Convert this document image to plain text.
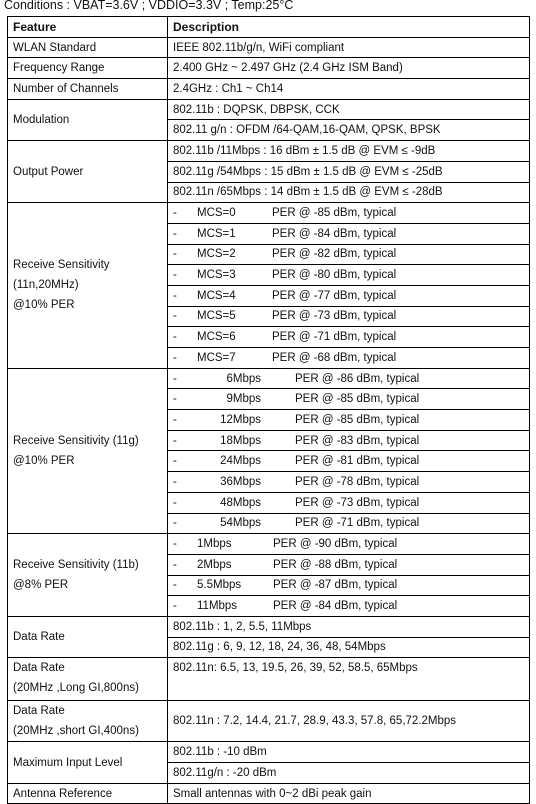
Conditions : VBAT=3.6V ; VDDIO=3.3V ; Temp:25°C
Feature	Description
WLAN Standard	IEEE 802.11b/g/n, WiFi compliant
Frequency Range	2.400 GHz ~ 2.497 GHz (2.4 GHz ISM Band)
Number of Channels	2.4GHz : Ch1 ~ Ch14
Modulation	802.11b : DQPSK, DBPSK, CCK
	802.11 g/n : OFDM /64-QAM,16-QAM, QPSK, BPSK
Output Power	802.11b /11Mbps : 16 dBm ± 1.5 dB @ EVM ≤ -9dB
	802.11g /54Mbps : 15 dBm ± 1.5 dB @ EVM ≤ -25dB
	802.11n /65Mbps : 14 dBm ± 1.5 dB @ EVM ≤ -28dB
Receive Sensitivity
(11n,20MHz)
@10% PER	- MCS=0 PER @ -85 dBm, typical
	- MCS=1 PER @ -84 dBm, typical
	- MCS=2 PER @ -82 dBm, typical
	- MCS=3 PER @ -80 dBm, typical
	- MCS=4 PER @ -77 dBm, typical
	- MCS=5 PER @ -73 dBm, typical
	- MCS=6 PER @ -71 dBm, typical
	- MCS=7 PER @ -68 dBm, typical
Receive Sensitivity (11g)
@10% PER	- 6Mbps PER @ -86 dBm, typical
	- 9Mbps PER @ -85 dBm, typical
	- 12Mbps PER @ -85 dBm, typical
	- 18Mbps PER @ -83 dBm, typical
	- 24Mbps PER @ -81 dBm, typical
	- 36Mbps PER @ -78 dBm, typical
	- 48Mbps PER @ -73 dBm, typical
	- 54Mbps PER @ -71 dBm, typical
Receive Sensitivity (11b)
@8% PER	- 1Mbps PER @ -90 dBm, typical
	- 2Mbps PER @ -88 dBm, typical
	- 5.5Mbps PER @ -87 dBm, typical
	- 11Mbps PER @ -84 dBm, typical
Data Rate	802.11b : 1, 2, 5.5, 11Mbps
	802.11g : 6, 9, 12, 18, 24, 36, 48, 54Mbps
Data Rate
(20MHz ,Long GI,800ns)	802.11n: 6.5, 13, 19.5, 26, 39, 52, 58.5, 65Mbps
Data Rate
(20MHz ,short GI,400ns)	802.11n : 7.2, 14.4, 21.7, 28.9, 43.3, 57.8, 65,72.2Mbps
Maximum Input Level	802.11b : -10 dBm
	802.11g/n : -20 dBm
Antenna Reference	Small antennas with 0~2 dBi peak gain
